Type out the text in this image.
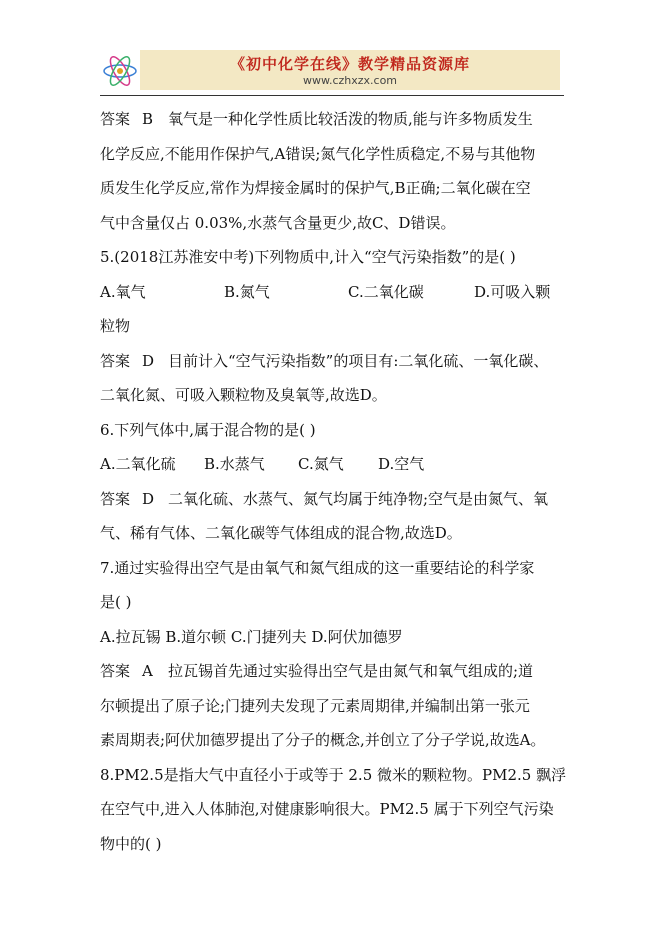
《初中化学在线》教学精品资源库
www.czhxzx.com
答案 B 氧气是一种化学性质比较活泼的物质,能与许多物质发生
化学反应,不能用作保护气,A错误;氮气化学性质稳定,不易与其他物
质发生化学反应,常作为焊接金属时的保护气,B正确;二氧化碳在空
气中含量仅占 0.03%,水蒸气含量更少,故C、D错误。
5.(2018江苏淮安中考)下列物质中,计入“空气污染指数”的是( )
A.氧气	B.氮气	C.二氧化碳	D.可吸入颗
粒物
答案 D 目前计入“空气污染指数”的项目有:二氧化硫、一氧化碳、
二氧化氮、可吸入颗粒物及臭氧等,故选D。
6.下列气体中,属于混合物的是( )
A.二氧化硫 B.水蒸气 C.氮气 D.空气
答案 D 二氧化硫、水蒸气、氮气均属于纯净物;空气是由氮气、氧
气、稀有气体、二氧化碳等气体组成的混合物,故选D。
7.通过实验得出空气是由氧气和氮气组成的这一重要结论的科学家
是( )
A.拉瓦锡 B.道尔顿 C.门捷列夫 D.阿伏加德罗
答案 A 拉瓦锡首先通过实验得出空气是由氮气和氧气组成的;道
尔顿提出了原子论;门捷列夫发现了元素周期律,并编制出第一张元
素周期表;阿伏加德罗提出了分子的概念,并创立了分子学说,故选A。
8.PM2.5是指大气中直径小于或等于 2.5 微米的颗粒物。PM2.5 飘浮
在空气中,进入人体肺泡,对健康影响很大。PM2.5 属于下列空气污染
物中的( )
